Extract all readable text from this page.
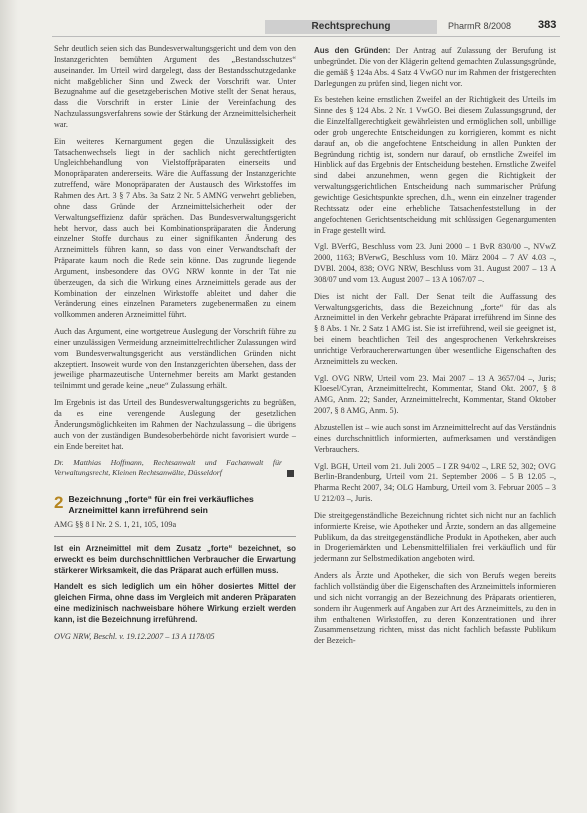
Rechtsprechung	PharmR 8/2008 383

Sehr deutlich seien sich das Bundesverwaltungsgericht und dem von den Instanzgerichten bemühten Argument des „Bestandsschutzes“ auseinander. Im Urteil wird dargelegt, dass der Bestandsschutzgedanke nicht maßgeblicher Sinn und Zweck der Vorschrift war. Unter Bezugnahme auf die gesetzgeberischen Motive stellt der Senat heraus, dass die Vorschrift in erster Linie der Vereinfachung des Nachzulassungsverfahrens sowie der Stärkung der Arzneimittelsicherheit war.

Ein weiteres Kernargument gegen die Unzulässigkeit des Tatsachenwechsels liegt in der sachlich nicht gerechtfertigten Ungleichbehandlung von Vielstoffpräparaten einerseits und Monopräparaten andererseits. Wäre die Auffassung der Instanzgerichte zutreffend, wäre Monopräparaten der Austausch des Wirkstoffes im Rahmen des Art. 3 § 7 Abs. 3a Satz 2 Nr. 5 AMNG verwehrt geblieben, ohne dass Gründe der Arzneimittelsicherheit oder der Verwaltungseffizienz dafür sprächen. Das Bundesverwaltungsgericht hebt hervor, dass auch bei Kombinationspräparaten die Änderung einzelner Stoffe durchaus zu einer signifikanten Änderung des Arzneimittels führen kann, so dass von einer Verwandtschaft der Präparate kaum noch die Rede sein könne. Das zugrunde liegende Argument, insbesondere das OVG NRW konnte in der Tat nie überzeugen, da sich die Wirkung eines Arzneimittels gerade aus der Kombination der einzelnen Wirkstoffe ableitet und daher die Veränderung eines einzelnen Parameters zugebenermaßen zu einem vollkommen anderen Arzneimittel führt.

Auch das Argument, eine wortgetreue Auslegung der Vorschrift führe zu einer unzulässigen Vermeidung arzneimittelrechtlicher Zulassungen wird vom Bundesverwaltungsgericht aus verständlichen Gründen nicht akzeptiert. Insoweit wurde von den Instanzgerichten übersehen, dass der jeweilige pharmazeutische Unternehmer bereits am Markt gestanden teilnimmt und gerade keine „neue“ Zulassung erhält.

Im Ergebnis ist das Urteil des Bundesverwaltungsgerichts zu begrüßen, da es eine verengende Auslegung der gesetzlichen Änderungsmöglichkeiten im Rahmen der Nachzulassung – die übrigens auch von der zuständigen Bundesoberbehörde nicht favorisiert wurde – ein Ende bereitet hat.

Dr. Matthias Hoffmann, Rechtsanwalt und Fachanwalt für Verwaltungsrecht, Kleinen Rechtsanwälte, Düsseldorf
2 Bezeichnung „forte“ für ein frei verkäufliches Arzneimittel kann irreführend sein
AMG §§ 8 I Nr. 2 S. 1, 21, 105, 109a

Ist ein Arzneimittel mit dem Zusatz „forte“ bezeichnet, so erweckt es beim durchschnittlichen Verbraucher die Erwartung stärkerer Wirksamkeit, die das Präparat auch erfüllen muss.

Handelt es sich lediglich um ein höher dosiertes Mittel der gleichen Firma, ohne dass im Vergleich mit anderen Präparaten eine medizinisch nachweisbare höhere Wirkung erzielt werden kann, ist die Bezeichnung irreführend.

OVG NRW, Beschl. v. 19.12.2007 – 13 A 1178/05

Aus den Gründen: Der Antrag auf Zulassung der Berufung ist unbegründet. Die von der Klägerin geltend gemachten Zulassungsgründe, die gemäß § 124a Abs. 4 Satz 4 VwGO nur im Rahmen der fristgerechten Darlegungen zu prüfen sind, liegen nicht vor.

Es bestehen keine ernstlichen Zweifel an der Richtigkeit des Urteils im Sinne des § 124 Abs. 2 Nr. 1 VwGO. Bei diesem Zulassungsgrund, der die Einzelfallgerechtigkeit gewährleisten und ermöglichen soll, unbillige oder grob ungerechte Entscheidungen zu korrigieren, kommt es nicht darauf an, ob die angefochtene Entscheidung in allen Punkten der Begründung richtig ist, sondern nur darauf, ob ernstliche Zweifel im Hinblick auf das Ergebnis der Entscheidung bestehen. Ernstliche Zweifel sind dabei anzunehmen, wenn gegen die Richtigkeit der verwaltungsgerichtlichen Entscheidung nach summarischer Prüfung gewichtige Gesichtspunkte sprechen, d.h., wenn ein einzelner tragender Rechtssatz oder eine erhebliche Tatsachenfeststellung in der angefochtenen Gerichtsentscheidung mit schlüssigen Gegenargumenten in Frage gestellt wird.

Vgl. BVerfG, Beschluss vom 23. Juni 2000 – 1 BvR 830/00 –, NVwZ 2000, 1163; BVerwG, Beschluss vom 10. März 2004 – 7 AV 4.03 –, DVBl. 2004, 838; OVG NRW, Beschluss vom 31. August 2007 – 13 A 308/07 und vom 13. August 2007 – 13 A 1067/07 –.

Dies ist nicht der Fall. Der Senat teilt die Auffassung des Verwaltungsgerichts, dass die Bezeichnung „forte“ für das als Arzneimittel in den Verkehr gebrachte Präparat irreführend im Sinne des § 8 Abs. 1 Nr. 2 Satz 1 AMG ist. Sie ist irreführend, weil sie geeignet ist, bei einem beachtlichen Teil des angesprochenen Verkehrskreises unrichtige Verbrauchererwartungen über wesentliche Eigenschaften des Arzneimittels zu wecken.

Vgl. OVG NRW, Urteil vom 23. Mai 2007 – 13 A 3657/04 –, Juris; Kloesel/Cyran, Arzneimittelrecht, Kommentar, Stand Okt. 2007, § 8 AMG, Anm. 22; Sander, Arzneimittelrecht, Kommentar, Stand Oktober 2007, § 8 AMG, Anm. 5).

Abzustellen ist – wie auch sonst im Arzneimittelrecht auf das Verständnis eines durchschnittlich informierten, aufmerksamen und verständigen Verbrauchers.

Vgl. BGH, Urteil vom 21. Juli 2005 – I ZR 94/02 –, LRE 52, 302; OVG Berlin-Brandenburg, Urteil vom 21. September 2006 – 5 B 12.05 –, Pharma Recht 2007, 34; OLG Hamburg, Urteil vom 3. Februar 2005 – 3 U 212/03 –, Juris.

Die streitgegenständliche Bezeichnung richtet sich nicht nur an fachlich informierte Kreise, wie Apotheker und Ärzte, sondern an das allgemeine Publikum, da das streitgegenständliche Produkt in Apotheken, aber auch in Drogeriemärkten und Lebensmittelfilialen frei verkäuflich und für jedermann zur Selbstmedikation angeboten wird.

Anders als Ärzte und Apotheker, die sich von Berufs wegen bereits fachlich vollständig über die Eigenschaften des Arzneimittels informieren und sich nicht vorrangig an der Bezeichnung des Präparats orientieren, sondern ihr Augenmerk auf Angaben zur Art des Arzneimittels, zu den in ihm enthaltenen Wirkstoffen, zu deren Konzentrationen und ihrer Zusammensetzung richten, misst das nicht fachlich befasste Publikum der Bezeich-
